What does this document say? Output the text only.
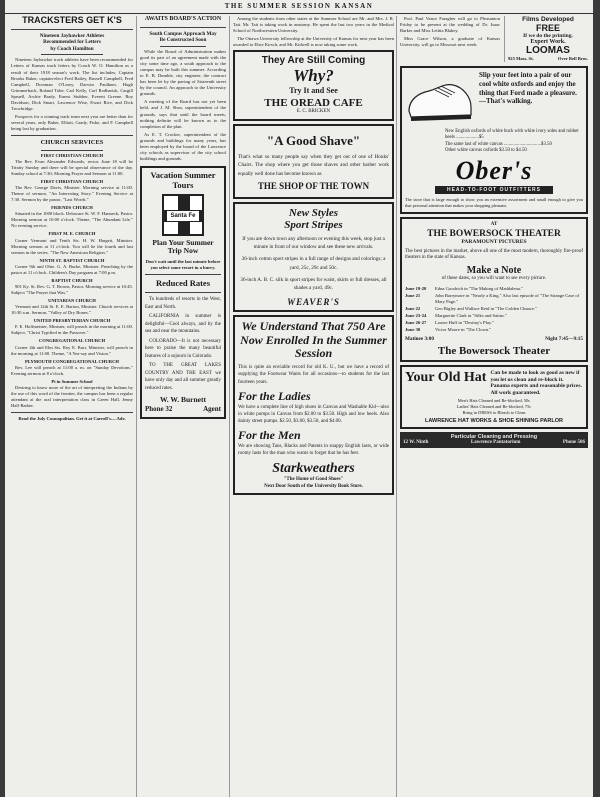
THE SUMMER SESSION KANSAN
TRACKSTERS GET K'S
Nineteen Jayhawker Athletes
Recommended for Letters
by Coach Hamilton

Nineteen Jayhawker track athletes have been recommended for Letters of Kansas track letters by Coach W. O. Hamilton as a result of their 1918 season's work. The list includes, Captain Brooks Baker, captain-elect Fred Bailey, Russell Campbell, Fred Campbell, Dorsman O'Leary, Darwin Paulkner, Hugh Grimmerback, Roland Tobe, Carl Kelly, Carl Rodbartsh, Cargill Spruell, Archie Brady, Ernest Stubber, Everett Greene, Roy Davidson, Dick Smart, Lawrence Wise, Ewart Rice, and Dick Trowbridge.

Prospects for a winning track team next year are better than for several years, only Baker, Elliott, Grady, Fiske, and F. Campbell being lost by graduation.

CHURCH SERVICES
FIRST CHRISTIAN CHURCH

The Rev. Evan Alexander Edwards, rector. June 18 will be Trinity Sunday and there will be special observance of the day. Sunday school at 7:30; Morning Prayer and Sermon at 11:00.

FIRST CHRISTIAN CHURCH

The Rev. George Davis, Minister. Morning service at 11:00. Theme of sermon, "An Interesting Story." Evening Service at 7:30. Sermon by the pastor, "Last Words."

FRIENDS CHURCH

Situated in the 1000 block. Delaware St. W. F. Hanneck, Pastor. Morning sermon at 10:00 o'clock. Theme, "The Abundant Life." No evening service.

FIRST M. E. CHURCH

Corner Vermont and Tenth Sts. H. W. Hargett, Minister. Morning sermon at 11 o'clock. You will be the fourth and last sermon in the series. "The New American Religion."

NINTH ST. BAPTIST CHURCH

Corner 9th and Ohio. G. A. Burke, Minister. Preaching by the pastor at 11 o'clock. Children's Day program at 7:00 p.m.

BAPTIST CHURCH

901 Ky. St. Rev. G. T. Brown, Pastor. Morning service at 10:45. Subject "The Prayer that Was."

UNITARIAN CHURCH

Vermont and 12th St. E. E. Barton, Minister. Church services at 10:30 a.m. Sermon, "Valley of Dry Bones."

UNITED PRESBYTERIAN CHURCH

F. E. Hoffmeister, Minister, will preach in the morning at 11:00. Subject, "Christ Typified in the Passover."

CONGREGATIONAL CHURCH

Corner 4th and Elm Sts. Roy E. Burt, Minister, will preach in the morning at 11:00. Theme, "A Yea-say and Vision."

PLYMOUTH CONGREGATIONAL CHURCH

Rev. Lee will preach at 11:00 a. m. on "Sunday Devotions." Evening sermon at 8 o'clock.

Pi in Summer School

Desiring to know more of the art of interpreting the Indians by the use of this word of the frontier, the campus has been a regular attendant at the oral interpretation class in Green Hall, Jenny Hall-Barber.

Read the July Cosmopolitan. Get it at Carroll's.—Adv.
AWAITS BOARD'S ACTION
South Campus Approach May
Be Constructed Soon

While the Board of Administration makes good its part of an agreement made with the city some time ago, a south approach to the campus may be built this summer. According to E. B. Dumble, city engineer, the contract has been let by the paving of Sixteenth street by the council. An approach to the University grounds.

A meeting of the Board has not yet been held, and J. M. Shea, superintendent of the grounds, says that until the board meets, nothing definite will be known as to the completion of the plan.

As E. T. Crocker, superintendent of the grounds and buildings for many years, has been employed by the board of the Lawrence city schools as supervisor of the city school buildings and grounds.

Vacation Summer Tours
Santa Fe
Plan Your Summer Trip Now
Don't wait until the last minute before you select some resort in a hurry.
Reduced Rates

To hundreds of resorts in the West, East and North.

CALIFORNIA in summer is delightful—Cool always, and by the sea and near the mountains.

COLORADO—It is not necessary here to praise the many beautiful features of a sojourn in Colorado.

TO THE GREAT LAKES COUNTRY AND THE EAST we have only day and all summer greatly reduced rates.

W. W. Burnett
Phone 32	Agent

Among the students from other states at the Summer School are Mr. and Mrs. J. R. Tait. Mr. Tait is taking work in anatomy. He spent the last two years in the Medical School of Northwestern University.

The Ottawa University fellowship at the University of Kansas for next year has been awarded to Elsie Kirsch, and Mr. Kidwell is now taking some work.

They Are Still Coming
Why?
Try It and See
THE OREAD CAFE
E. C. BRICKEN
"A Good Shave"
That's what so many people say when they get out of one of Houks' Chairs. The shop where you get those shaves and other barber work equally well done has become known as
THE SHOP OF THE TOWN
New Styles
Sport Stripes
If you are down town any afternoon or evening this week, stop just a minute in front of our window and see these new arrivals.
36-inch cotton sport stripes in a full range of designs and colorings; a yard, 25c, 29c and 50c.
36-inch A. B. C. silk in sport stripes for waist, skirts or full dresses, all shades a yard, 49c.
WEAVER'S
We Understand That 750 Are Now Enrolled In the Summer Session
This is quite an enviable record for old K. U., but we have a record of supplying the Footwear Wants for all occasions—to students for the last fourteen years.
For the Ladies
We have a complete line of high shoes in Canvas and Washable Kid—also in white pumps in Canvas from $2.00 to $3.50. High and low heels. Also dainty street pumps. $2.50, $3.00, $3.50, and $4.00.
For the Men
We are showing Tans, Blacks and Patents in snappy English lasts, or wide roomy lasts for the man who wants to forget that he has feet.
Starkweathers
"The Home of Good Shoes"
Next Door South of the University Book Store.

Prof. Paul Vance Faragher will go to Pleasanton Friday to be present at the wedding of Dr. Isaac Barker and Miss Letitia Blakey.

Miss Grace Wilson, a graduate of Kansas University, will go to Missouri next week.

Films Developed
FREE
If we do the printing.
Expert Work.
LOOMAS
925 Mass. St.	Over Bell Bros.
Slip your feet into a pair of our cool white oxfords and enjoy the thing that Ford made a pleasure.—That's walking.
New English oxfords of white buck with white ivory soles and rubber heels ...................$5
The same last of white canvas ...............................$3.50
Other white canvas oxfords $3.50 to $4.50
Ober's
HEAD-TO-FOOT OUTFITTERS
The store that is large enough to show you an extensive assortment and small enough to give you that personal attention that makes your shopping pleasant.
AT
THE BOWERSOCK THEATER
PARAMOUNT PICTURES
The best pictures in the market, above all one of the most modern, thoroughly fire-proof theaters in the state of Kansas.
Make a Note
of these dates, so you will want to see every picture.
June 19-20	Edna Goodrich in "The Making of Maddalena."
June 21	John Barrymore in "Nearly a King." Also last episode of "The Strange Case of Mary Page."
June 22	Geo Bigley and Wallace Reid in "The Golden Chance."
June 23-24	Marguerite Clark in "Silks and Satins."
June 26-27	Louise Huff in "Destiny's Play."
June 30	Victor Moore in "The Clown."
Matinee 3:00	Night 7:45—9:15
The Bowersock Theater
Your Old Hat Can be made to look as good as new if you let us clean and re-block it. Panama experts and reasonable prices. All work guaranteed.
Men's Hats Cleaned and Re-blocked, 50c
Ladies' Hats Cleaned and Re-blocked, 75c
Bring in DRESS to Bleach to Clean
LAWRENCE HAT WORKS & SHOE SHINING PARLOR
Particular Cleaning and Pressing
12 W. Ninth	Lawrence Pantatorium	Phone 506
